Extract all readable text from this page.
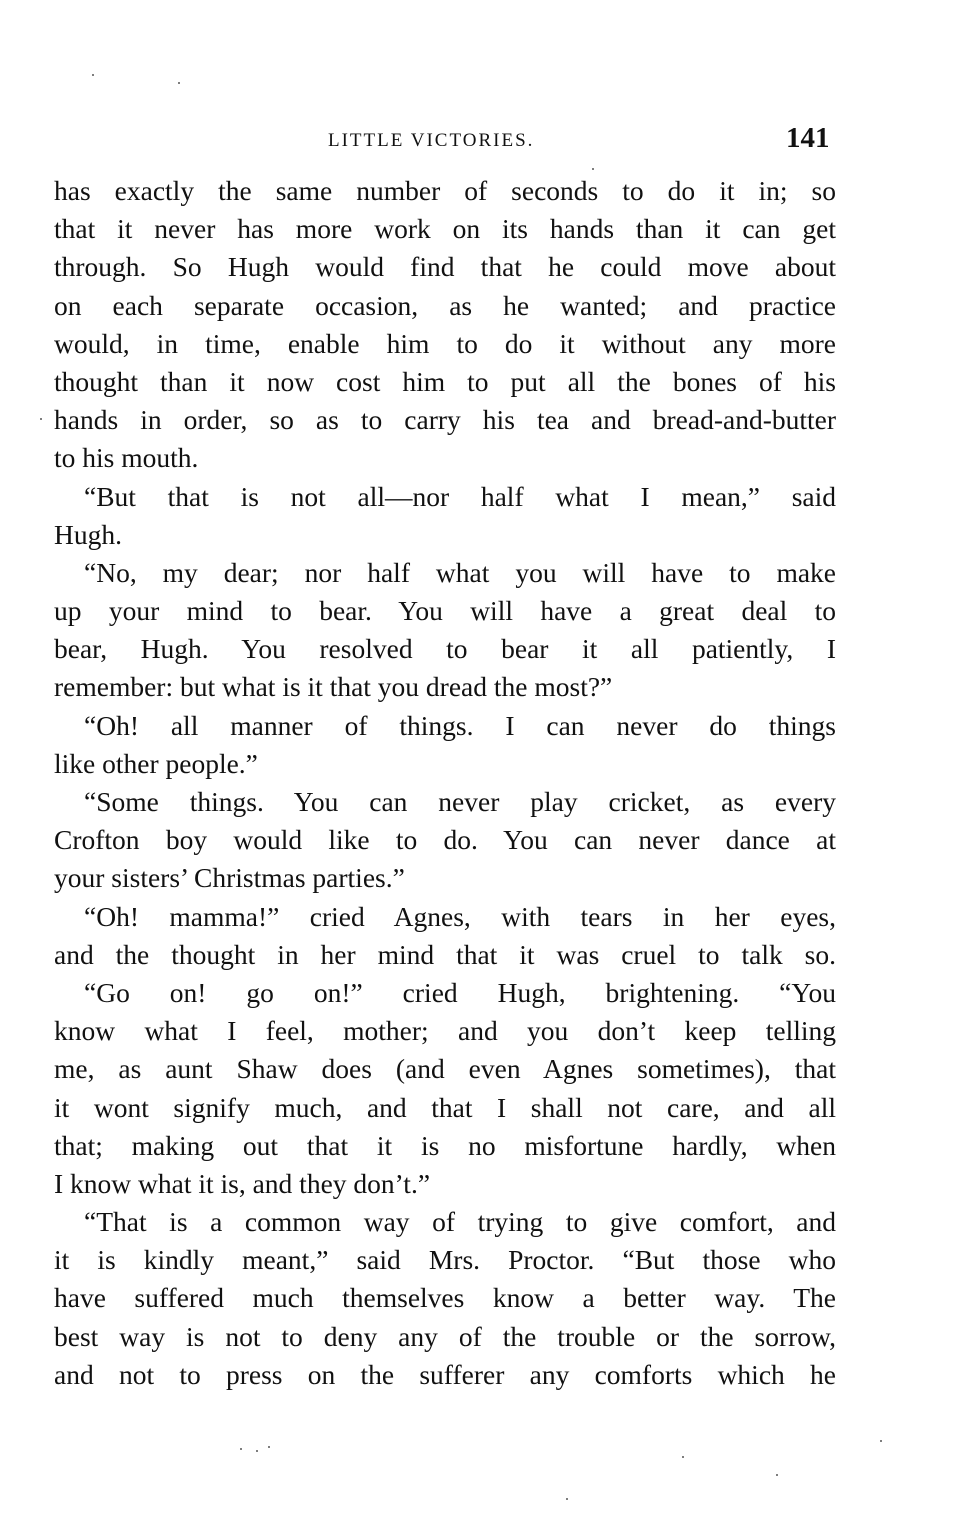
LITTLE VICTORIES.	141
has exactly the same number of seconds to do it in; so
that it never has more work on its hands than it can get
through. So Hugh would find that he could move about
on each separate occasion, as he wanted; and practice
would, in time, enable him to do it without any more
thought than it now cost him to put all the bones of his
hands in order, so as to carry his tea and bread-and-butter
to his mouth.
“But that is not all—nor half what I mean,” said
Hugh.
“No, my dear; nor half what you will have to make
up your mind to bear. You will have a great deal to
bear, Hugh. You resolved to bear it all patiently, I
remember: but what is it that you dread the most?”
“Oh! all manner of things. I can never do things
like other people.”
“Some things. You can never play cricket, as every
Crofton boy would like to do. You can never dance at
your sisters’ Christmas parties.”
“Oh! mamma!” cried Agnes, with tears in her eyes,
and the thought in her mind that it was cruel to talk so.
“Go on! go on!” cried Hugh, brightening. “You
know what I feel, mother; and you don’t keep telling
me, as aunt Shaw does (and even Agnes sometimes), that
it wont signify much, and that I shall not care, and all
that; making out that it is no misfortune hardly, when
I know what it is, and they don’t.”
“That is a common way of trying to give comfort, and
it is kindly meant,” said Mrs. Proctor. “But those who
have suffered much themselves know a better way. The
best way is not to deny any of the trouble or the sorrow,
and not to press on the sufferer any comforts which he
